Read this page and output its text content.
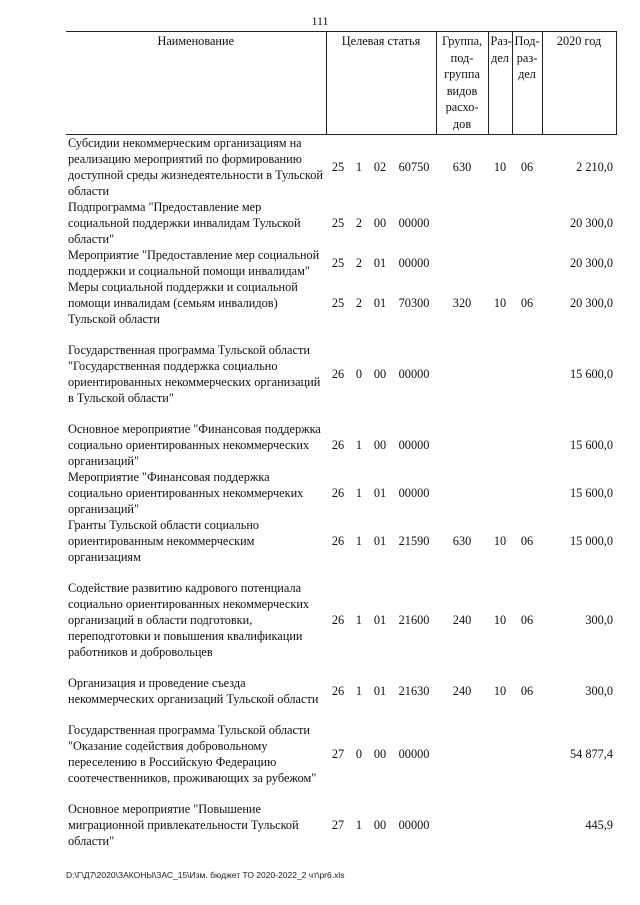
111
Наименование	Целевая статья				Группа, под- группа видов расхо- дов	Раз- дел	Под- раз- дел	2020 год
Субсидии некоммерческим организациям на реализацию мероприятий по формированию доступной среды жизнедеятельности в Тульской области	25	1	02	60750	630	10	06	2 210,0
Подпрограмма "Предоставление мер социальной поддержки инвалидам Тульской области"	25	2	00	00000				20 300,0
Мероприятие "Предоставление мер социальной поддержки и социальной помощи инвалидам"	25	2	01	00000				20 300,0
Меры социальной поддержки и социальной помощи инвалидам (семьям инвалидов) Тульской области	25	2	01	70300	320	10	06	20 300,0

Государственная программа Тульской области "Государственная поддержка социально ориентированных некоммерческих организаций в Тульской области"	26	0	00	00000				15 600,0

Основное мероприятие "Финансовая поддержка социально ориентированных некоммерческих организаций"	26	1	00	00000				15 600,0
Мероприятие "Финансовая поддержка социально ориентированных некоммерчеких организаций"	26	1	01	00000				15 600,0
Гранты Тульской области социально ориентированным некоммерческим организациям	26	1	01	21590	630	10	06	15 000,0

Содействие развитию кадрового потенциала социально ориентированных некоммерческих организаций в области подготовки, переподготовки и повышения квалификации работников и добровольцев	26	1	01	21600	240	10	06	300,0

Организация и проведение съезда некоммерческих организаций Тульской области	26	1	01	21630	240	10	06	300,0

Государственная программа Тульской области "Оказание содействия добровольному переселению в Российскую Федерацию соотечественников, проживающих за рубежом"	27	0	00	00000				54 877,4

Основное мероприятие "Повышение миграционной привлекательности Тульской области"	27	1	00	00000				445,9
D:\Г\Д7\2020\ЗАКОНЫ\ЗАС_15\Изм. бюджет ТО 2020-2022_2 чт\pr6.xls
